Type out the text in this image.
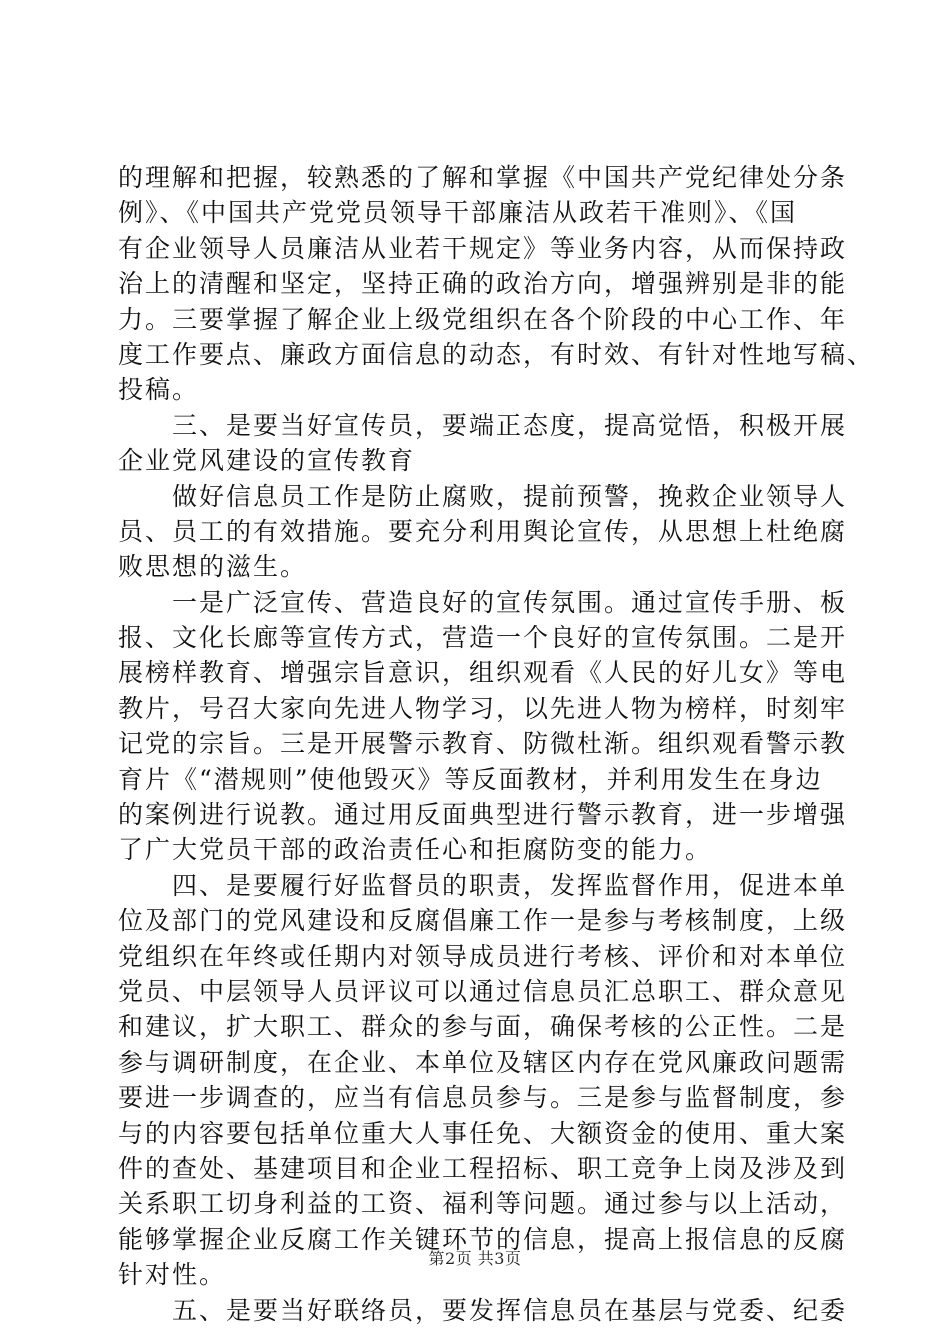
的理解和把握，较熟悉的了解和掌握《中国共产党纪律处分条
例》、《中国共产党党员领导干部廉洁从政若干准则》、《国
有企业领导人员廉洁从业若干规定》等业务内容，从而保持政
治上的清醒和坚定，坚持正确的政治方向，增强辨别是非的能
力。三要掌握了解企业上级党组织在各个阶段的中心工作、年
度工作要点、廉政方面信息的动态，有时效、有针对性地写稿、
投稿。
　　三、是要当好宣传员，要端正态度，提高觉悟，积极开展
企业党风建设的宣传教育
　　做好信息员工作是防止腐败，提前预警，挽救企业领导人
员、员工的有效措施。要充分利用舆论宣传，从思想上杜绝腐
败思想的滋生。
　　一是广泛宣传、营造良好的宣传氛围。通过宣传手册、板
报、文化长廊等宣传方式，营造一个良好的宣传氛围。二是开
展榜样教育、增强宗旨意识，组织观看《人民的好儿女》等电
教片，号召大家向先进人物学习，以先进人物为榜样，时刻牢
记党的宗旨。三是开展警示教育、防微杜渐。组织观看警示教
育片《“潜规则”使他毁灭》等反面教材，并利用发生在身边
的案例进行说教。通过用反面典型进行警示教育，进一步增强
了广大党员干部的政治责任心和拒腐防变的能力。
　　四、是要履行好监督员的职责，发挥监督作用，促进本单
位及部门的党风建设和反腐倡廉工作一是参与考核制度，上级
党组织在年终或任期内对领导成员进行考核、评价和对本单位
党员、中层领导人员评议可以通过信息员汇总职工、群众意见
和建议，扩大职工、群众的参与面，确保考核的公正性。二是
参与调研制度，在企业、本单位及辖区内存在党风廉政问题需
要进一步调查的，应当有信息员参与。三是参与监督制度，参
与的内容要包括单位重大人事任免、大额资金的使用、重大案
件的查处、基建项目和企业工程招标、职工竞争上岗及涉及到
关系职工切身利益的工资、福利等问题。通过参与以上活动，
能够掌握企业反腐工作关键环节的信息，提高上报信息的反腐
针对性。
　　五、是要当好联络员，要发挥信息员在基层与党委、纪委
第2页 共3页
